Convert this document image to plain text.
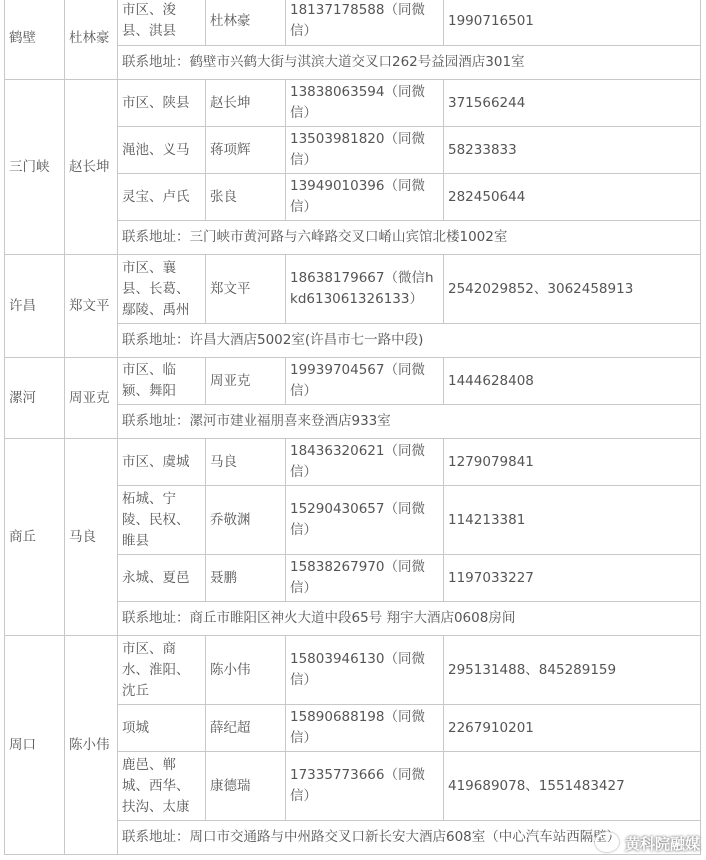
鹤壁	杜林豪	市区、浚县、淇县	杜林豪	18137178588（同微信）	1990716501
		联系地址：鹤壁市兴鹤大街与淇滨大道交叉口262号益园酒店301室			
三门峡	赵长坤	市区、陕县	赵长坤	13838063594（同微信）	371566244
		渑池、义马	蒋项辉	13503981820（同微信）	58233833
		灵宝、卢氏	张良	13949010396（同微信）	282450644
		联系地址：三门峡市黄河路与六峰路交叉口崤山宾馆北楼1002室			
许昌	郑文平	市区、襄县、长葛、鄢陵、禹州	郑文平	18638179667（微信hkd613061326133）	2542029852、3062458913
		联系地址：许昌大酒店5002室(许昌市七一路中段)			
漯河	周亚克	市区、临颍、舞阳	周亚克	19939704567（同微信）	1444628408
		联系地址：漯河市建业福朋喜来登酒店933室			
商丘	马良	市区、虞城	马良	18436320621（同微信）	1279079841
		柘城、宁陵、民权、睢县	乔敬渊	15290430657（同微信）	114213381
		永城、夏邑	聂鹏	15838267970（同微信）	1197033227
		联系地址：商丘市睢阳区神火大道中段65号 翔宇大酒店0608房间			
周口	陈小伟	市区、商水、淮阳、沈丘	陈小伟	15803946130（同微信）	295131488、845289159
		项城	薛纪超	15890688198（同微信）	2267910201
		鹿邑、郸城、西华、扶沟、太康	康德瑞	17335773666（同微信）	419689078、1551483427
		联系地址：周口市交通路与中州路交叉口新长安大酒店608室（中心汽车站西隔壁）			黄科院融媒
